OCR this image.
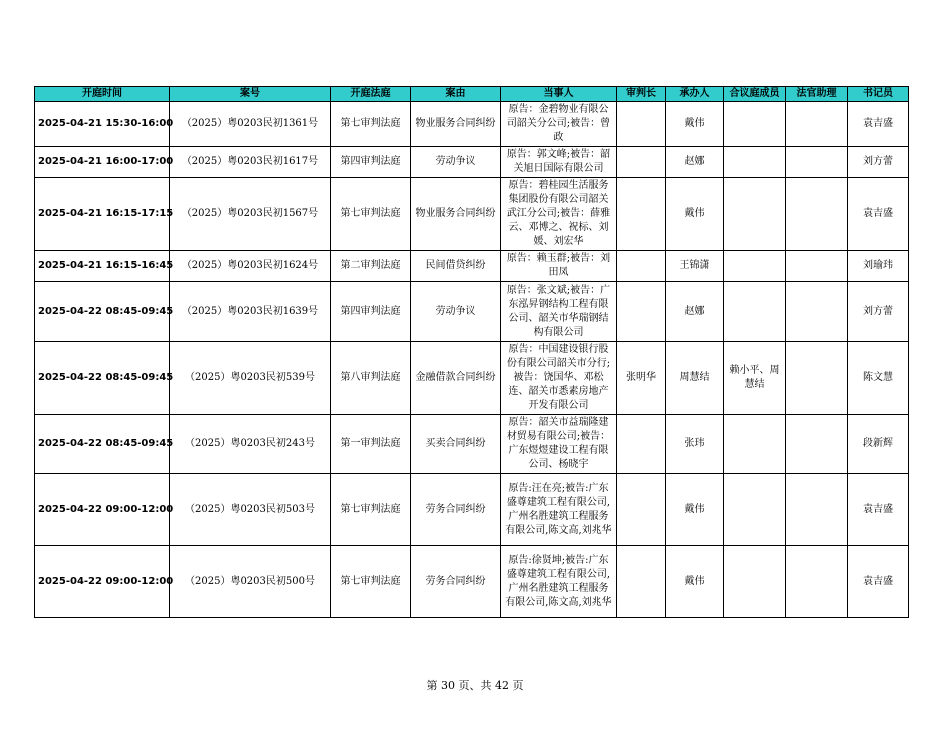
开庭时间	案号	开庭法庭	案由	当事人	审判长	承办人	合议庭成员	法官助理	书记员
2025-04-21 15:30-16:00	（2025）粤0203民初1361号	第七审判法庭	物业服务合同纠纷	原告：金碧物业有限公司韶关分公司;被告：曾政		戴伟			袁吉盛
2025-04-21 16:00-17:00	（2025）粤0203民初1617号	第四审判法庭	劳动争议	原告：郭文峰;被告：韶关旭日国际有限公司		赵娜			刘方蕾
2025-04-21 16:15-17:15	（2025）粤0203民初1567号	第七审判法庭	物业服务合同纠纷	原告：碧桂园生活服务集团股份有限公司韶关武江分公司;被告：薛雅云、邓博之、祝标、刘媛、刘宏华		戴伟			袁吉盛
2025-04-21 16:15-16:45	（2025）粤0203民初1624号	第二审判法庭	民间借贷纠纷	原告：赖玉群;被告：刘田凤		王锦潇			刘瑜玮
2025-04-22 08:45-09:45	（2025）粤0203民初1639号	第四审判法庭	劳动争议	原告：张文斌;被告：广东泓昇钢结构工程有限公司、韶关市华瑞钢结构有限公司		赵娜			刘方蕾
2025-04-22 08:45-09:45	（2025）粤0203民初539号	第八审判法庭	金融借款合同纠纷	原告：中国建设银行股份有限公司韶关市分行;被告：饶国华、邓松连、韶关市悉素房地产开发有限公司	张明华	周慧结	赖小平、周慧结		陈文慧
2025-04-22 08:45-09:45	（2025）粤0203民初243号	第一审判法庭	买卖合同纠纷	原告：韶关市益瑞隆建材贸易有限公司;被告：广东煜煜建设工程有限公司、杨晓宇		张玮			段新辉
2025-04-22 09:00-12:00	（2025）粤0203民初503号	第七审判法庭	劳务合同纠纷	原告:汪在亮;被告:广东盛尊建筑工程有限公司,广州名胜建筑工程服务有限公司,陈文高,刘兆华		戴伟			袁吉盛
2025-04-22 09:00-12:00	（2025）粤0203民初500号	第七审判法庭	劳务合同纠纷	原告:徐贤坤;被告:广东盛尊建筑工程有限公司,广州名胜建筑工程服务有限公司,陈文高,刘兆华		戴伟			袁吉盛
第 30 页、共 42 页
